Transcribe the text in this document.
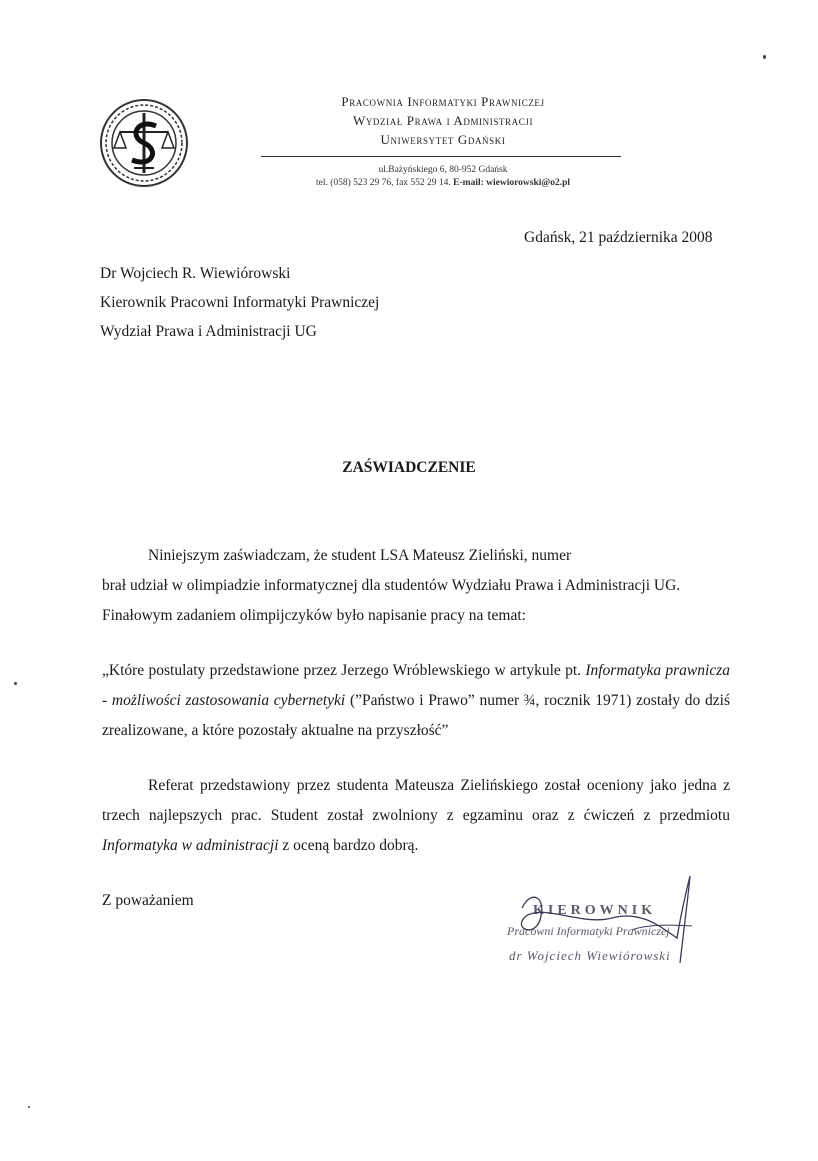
Pracownia Informatyki Prawniczej
Wydział Prawa i Administracji
Uniwersytet Gdański
ul.Bażyńskiego 6, 80-952 Gdańsk
tel. (058) 523 29 76, fax 552 29 14. E-mail: wiewiorowski@o2.pl
Gdańsk, 21 października 2008
Dr Wojciech R. Wiewiórowski
Kierownik Pracowni Informatyki Prawniczej
Wydział Prawa i Administracji UG
ZAŚWIADCZENIE
Niniejszym zaświadczam, że student LSA Mateusz Zieliński, numer
brał udział w olimpiadzie informatycznej dla studentów Wydziału Prawa i Administracji UG.
Finałowym zadaniem olimpijczyków było napisanie pracy na temat:
„Które postulaty przedstawione przez Jerzego Wróblewskiego w artykule pt. Informatyka prawnicza - możliwości zastosowania cybernetyki (”Państwo i Prawo” numer ¾, rocznik 1971) zostały do dziś zrealizowane, a które pozostały aktualne na przyszłość”
Referat przedstawiony przez studenta Mateusza Zielińskiego został oceniony jako jedna z trzech najlepszych prac. Student został zwolniony z egzaminu oraz z ćwiczeń z przedmiotu Informatyka w administracji z oceną bardzo dobrą.
Z poważaniem
KIEROWNIK
Pracowni Informatyki Prawniczej
dr Wojciech Wiewiórowski
